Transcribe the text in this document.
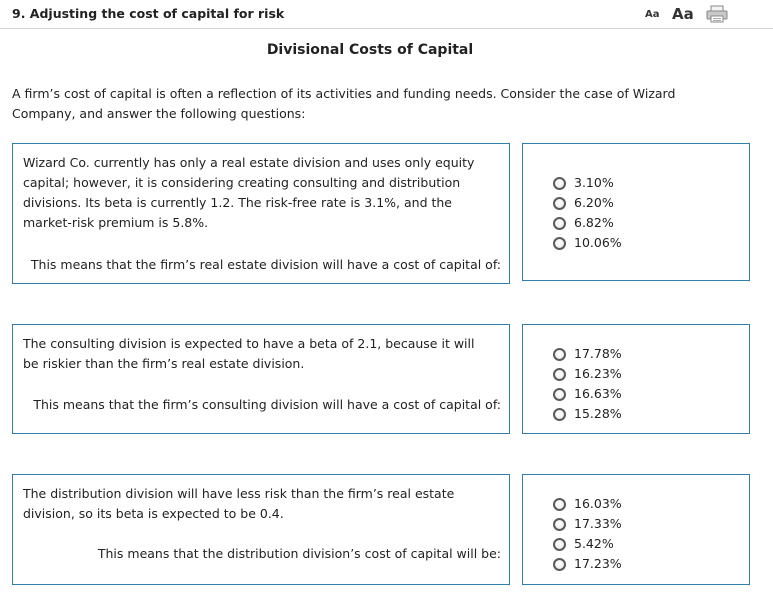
9. Adjusting the cost of capital for risk	Aa Aa
Divisional Costs of Capital
A firm’s cost of capital is often a reflection of its activities and funding needs. Consider the case of Wizard Company, and answer the following questions:
Wizard Co. currently has only a real estate division and uses only equity capital; however, it is considering creating consulting and distribution divisions. Its beta is currently 1.2. The risk-free rate is 3.1%, and the market-risk premium is 5.8%.
This means that the firm’s real estate division will have a cost of capital of:
3.10%
6.20%
6.82%
10.06%
The consulting division is expected to have a beta of 2.1, because it will be riskier than the firm’s real estate division.
This means that the firm’s consulting division will have a cost of capital of:
17.78%
16.23%
16.63%
15.28%
The distribution division will have less risk than the firm’s real estate division, so its beta is expected to be 0.4.
This means that the distribution division’s cost of capital will be:
16.03%
17.33%
5.42%
17.23%
